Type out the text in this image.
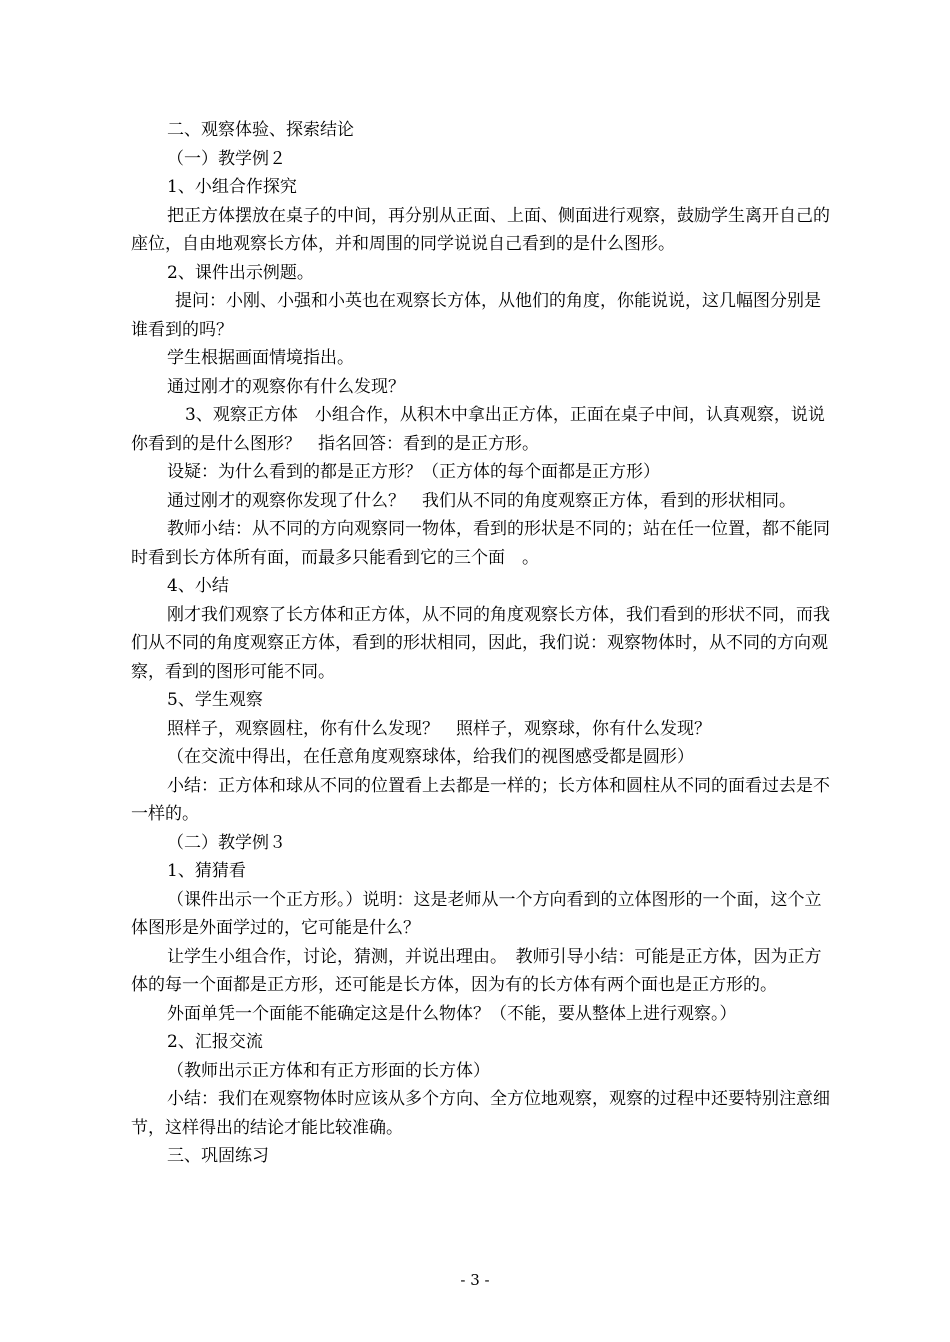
二、观察体验、探索结论

（一）教学例２

1、小组合作探究

把正方体摆放在桌子的中间，再分别从正面、上面、侧面进行观察，鼓励学生离开自己的座位，自由地观察长方体，并和周围的同学说说自己看到的是什么图形。

2、课件出示例题。

提问：小刚、小强和小英也在观察长方体，从他们的角度，你能说说，这几幅图分别是谁看到的吗？

学生根据画面情境指出。

通过刚才的观察你有什么发现？

3、观察正方体　小组合作，从积木中拿出正方体，正面在桌子中间，认真观察，说说你看到的是什么图形？　指名回答：看到的是正方形。

设疑：为什么看到的都是正方形？（正方体的每个面都是正方形）

通过刚才的观察你发现了什么？　我们从不同的角度观察正方体，看到的形状相同。

教师小结：从不同的方向观察同一物体，看到的形状是不同的；站在任一位置，都不能同时看到长方体所有面，而最多只能看到它的三个面　。

4、小结

刚才我们观察了长方体和正方体，从不同的角度观察长方体，我们看到的形状不同，而我们从不同的角度观察正方体，看到的形状相同，因此，我们说：观察物体时，从不同的方向观察，看到的图形可能不同。

5、学生观察

照样子，观察圆柱，你有什么发现？　照样子，观察球，你有什么发现？

（在交流中得出，在任意角度观察球体，给我们的视图感受都是圆形）

小结：正方体和球从不同的位置看上去都是一样的；长方体和圆柱从不同的面看过去是不一样的。

（二）教学例３

1、猜猜看

（课件出示一个正方形。）说明：这是老师从一个方向看到的立体图形的一个面，这个立体图形是外面学过的，它可能是什么？

让学生小组合作，讨论，猜测，并说出理由。　教师引导小结：可能是正方体，因为正方体的每一个面都是正方形，还可能是长方体，因为有的长方体有两个面也是正方形的。

外面单凭一个面能不能确定这是什么物体？（不能，要从整体上进行观察。）

2、汇报交流

（教师出示正方体和有正方形面的长方体）

小结：我们在观察物体时应该从多个方向、全方位地观察，观察的过程中还要特别注意细节，这样得出的结论才能比较准确。

三、巩固练习

- 3 -
